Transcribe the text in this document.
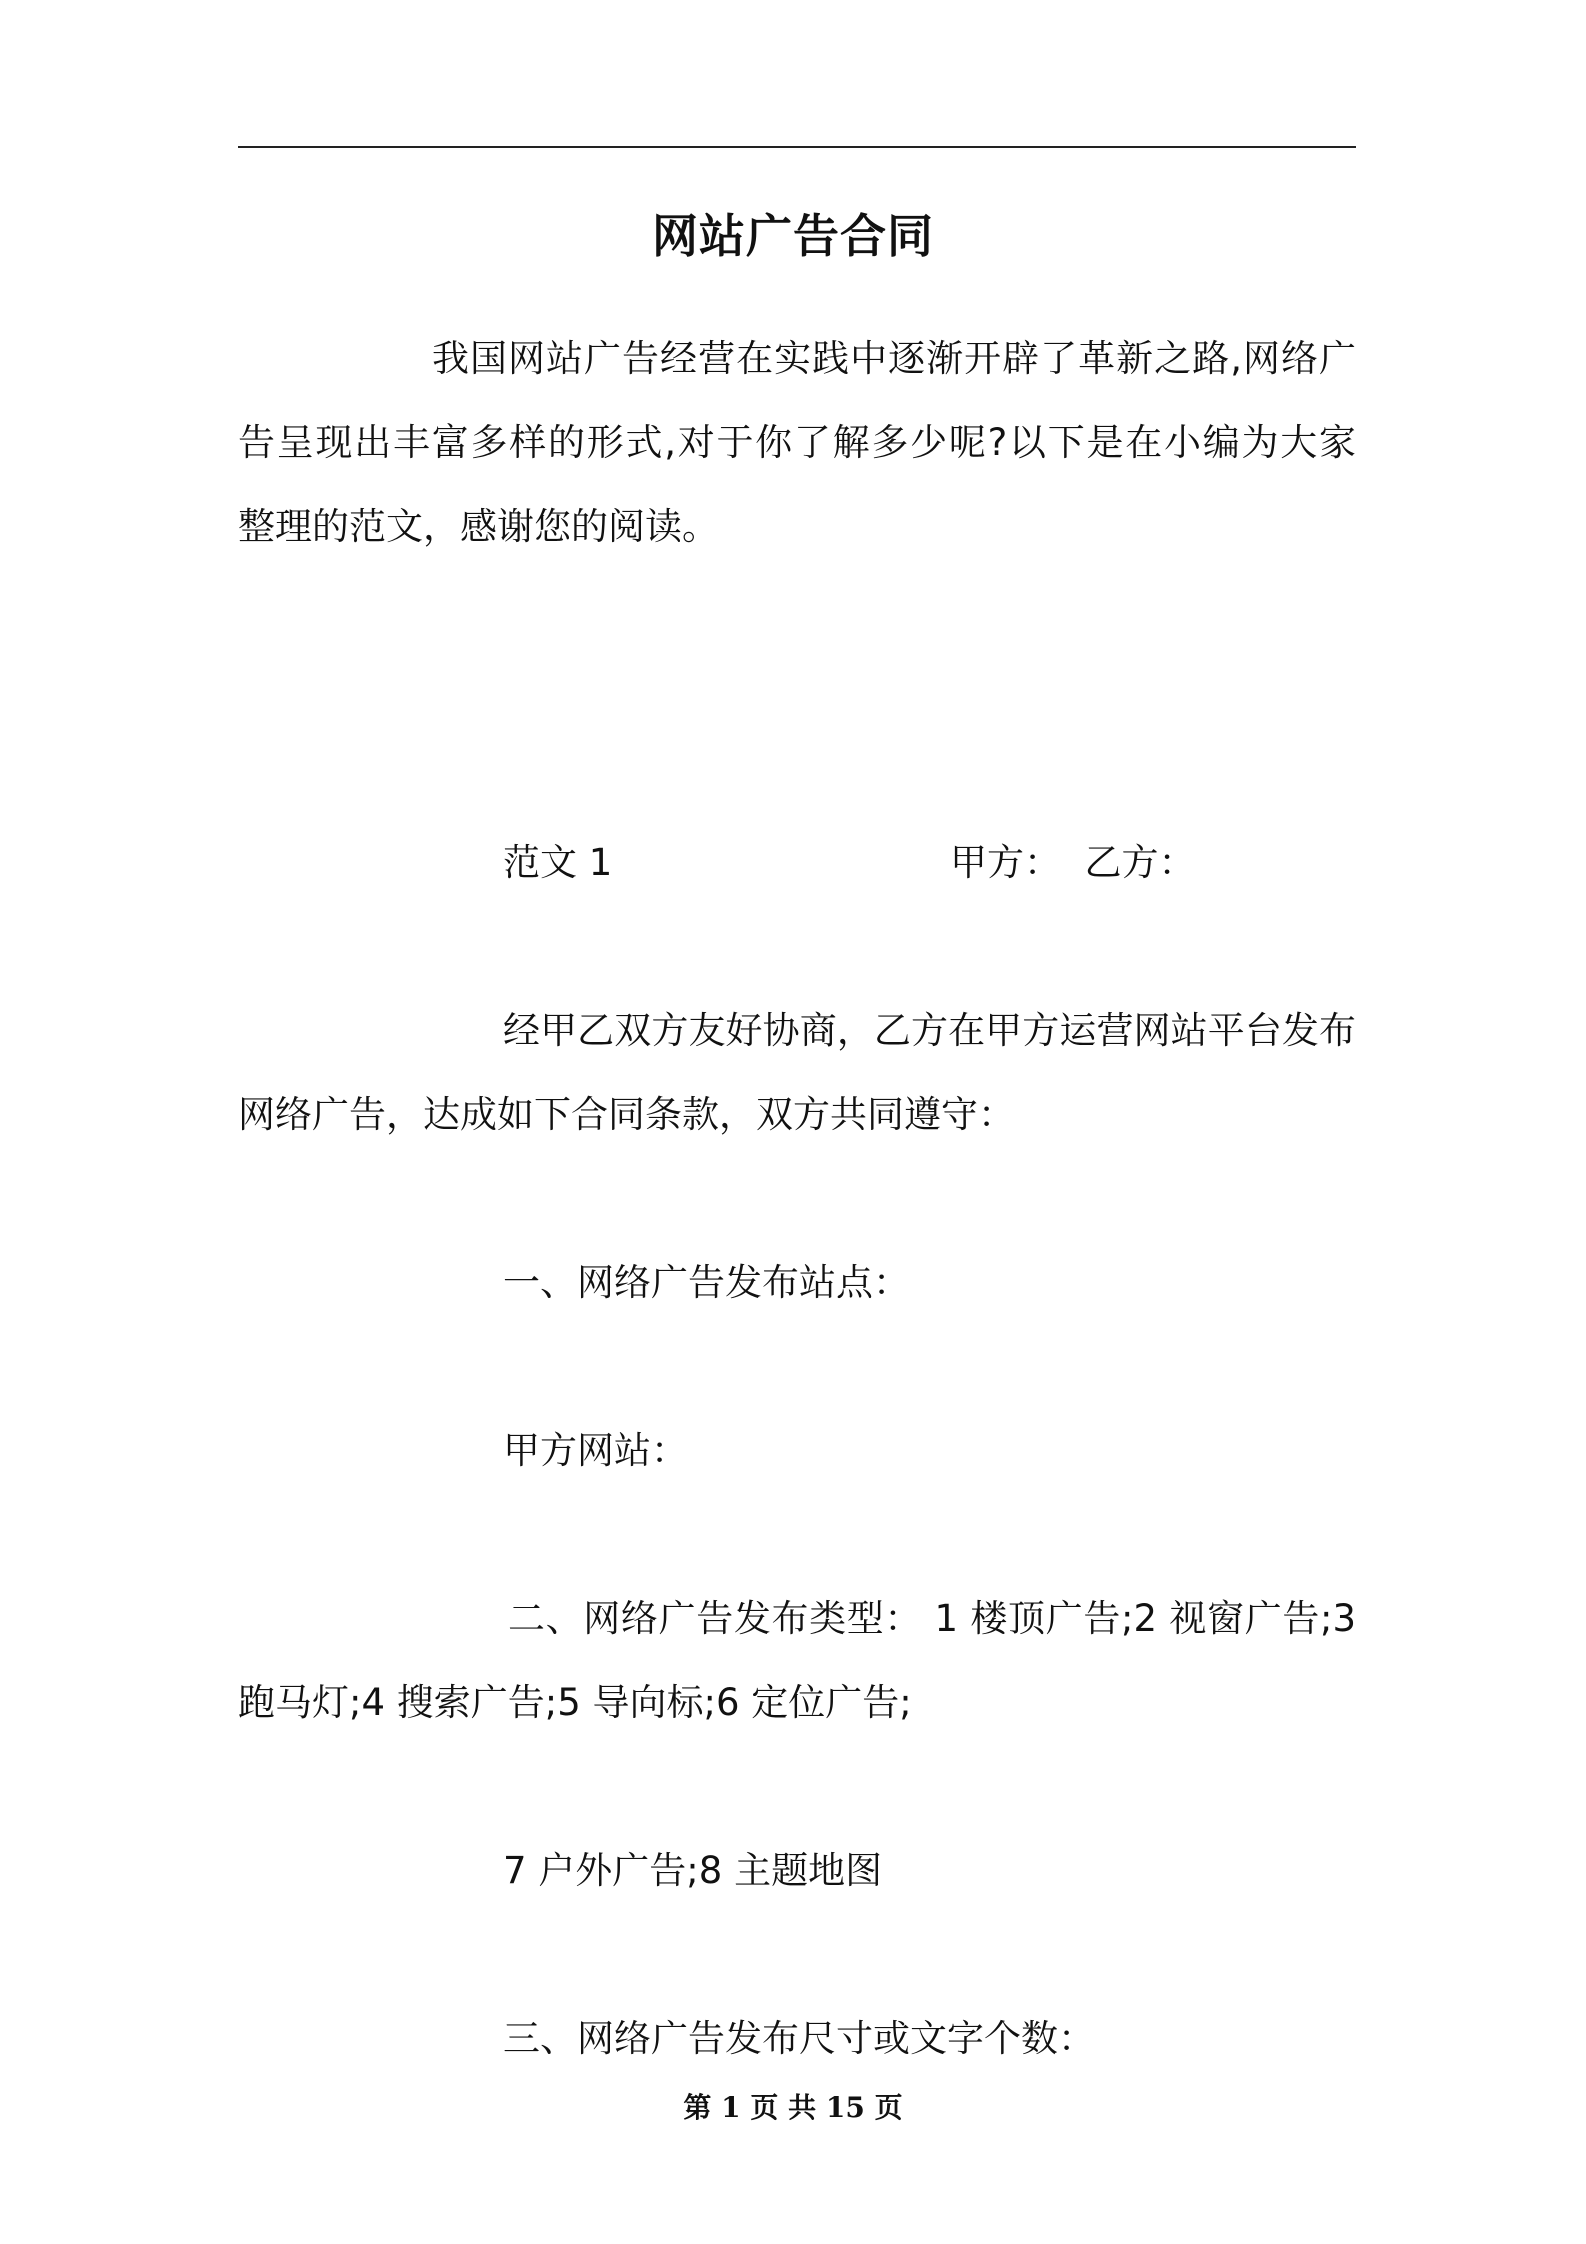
网站广告合同
我国网站广告经营在实践中逐渐开辟了革新之路,网络广
告呈现出丰富多样的形式,对于你了解多少呢?以下是在小编为大家
整理的范文，感谢您的阅读。
范文 1	甲方：  乙方：
经甲乙双方友好协商，乙方在甲方运营网站平台发布
网络广告，达成如下合同条款，双方共同遵守：
一、网络广告发布站点：
甲方网站：
二、网络广告发布类型： 1 楼顶广告;2 视窗广告;3
跑马灯;4 搜索广告;5 导向标;6 定位广告;
7 户外广告;8 主题地图
三、网络广告发布尺寸或文字个数：
第 1 页 共 15 页
